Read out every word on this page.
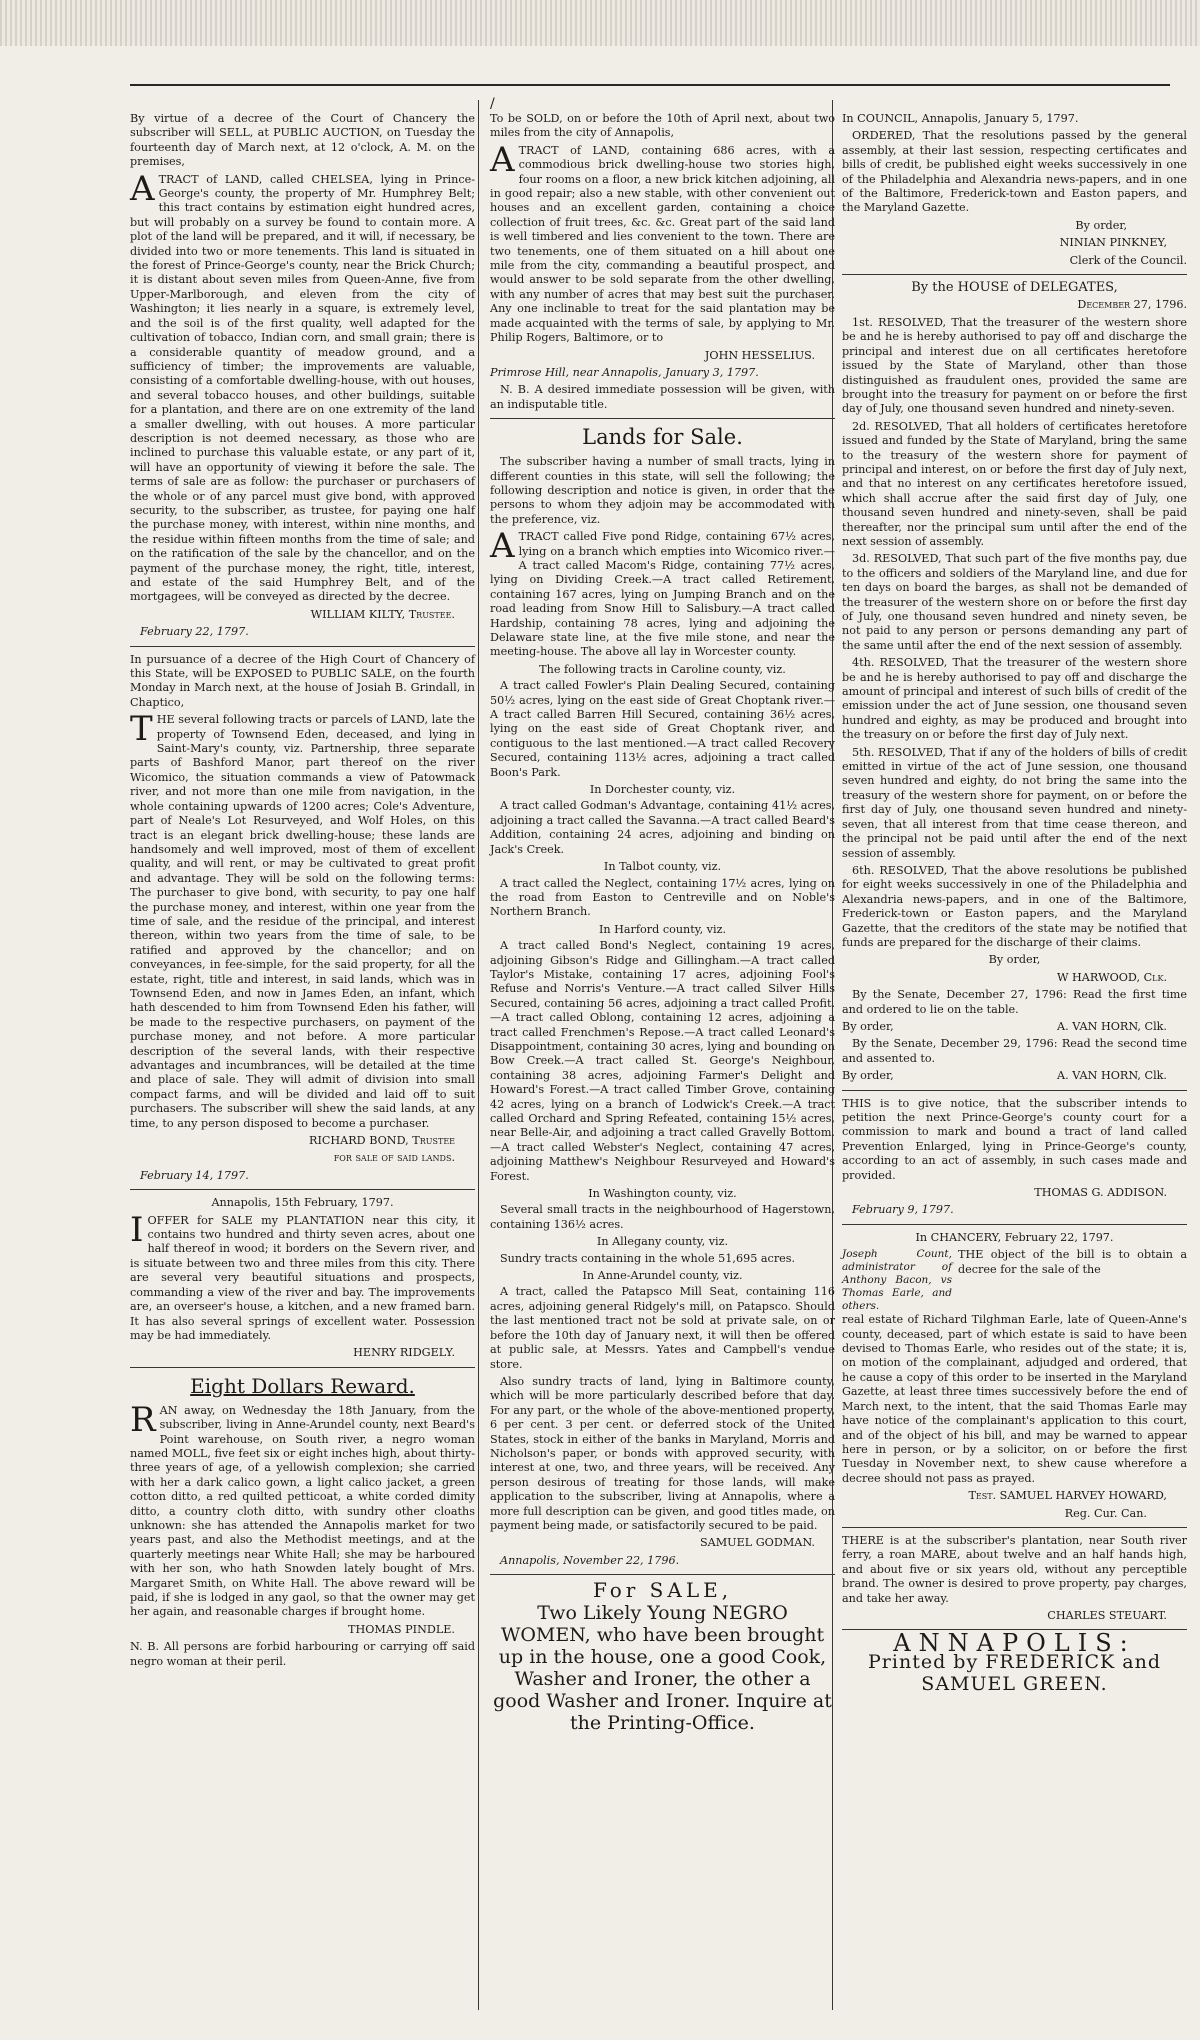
/

By virtue of a decree of the Court of Chancery the subscriber will SELL, at PUBLIC AUCTION, on Tuesday the fourteenth day of March next, at 12 o'clock, A. M. on the premises,

ATRACT of LAND, called CHELSEA, lying in Prince-George's county, the property of Mr. Humphrey Belt; this tract contains by estimation eight hundred acres, but will probably on a survey be found to contain more. A plot of the land will be prepared, and it will, if necessary, be divided into two or more tenements. This land is situated in the forest of Prince-George's county, near the Brick Church; it is distant about seven miles from Queen-Anne, five from Upper-Marlborough, and eleven from the city of Washington; it lies nearly in a square, is extremely level, and the soil is of the first quality, well adapted for the cultivation of tobacco, Indian corn, and small grain; there is a considerable quantity of meadow ground, and a sufficiency of timber; the improvements are valuable, consisting of a comfortable dwelling-house, with out houses, and several tobacco houses, and other buildings, suitable for a plantation, and there are on one extremity of the land a smaller dwelling, with out houses. A more particular description is not deemed necessary, as those who are inclined to purchase this valuable estate, or any part of it, will have an opportunity of viewing it before the sale. The terms of sale are as follow: the purchaser or purchasers of the whole or of any parcel must give bond, with approved security, to the subscriber, as trustee, for paying one half the purchase money, with interest, within nine months, and the residue within fifteen months from the time of sale; and on the ratification of the sale by the chancellor, and on the payment of the purchase money, the right, title, interest, and estate of the said Humphrey Belt, and of the mortgagees, will be conveyed as directed by the decree.

WILLIAM KILTY, Trustee.

February 22, 1797.

In pursuance of a decree of the High Court of Chancery of this State, will be EXPOSED to PUBLIC SALE, on the fourth Monday in March next, at the house of Josiah B. Grindall, in Chaptico,

THE several following tracts or parcels of LAND, late the property of Townsend Eden, deceased, and lying in Saint-Mary's county, viz. Partnership, three separate parts of Bashford Manor, part thereof on the river Wicomico, the situation commands a view of Patowmack river, and not more than one mile from navigation, in the whole containing upwards of 1200 acres; Cole's Adventure, part of Neale's Lot Resurveyed, and Wolf Holes, on this tract is an elegant brick dwelling-house; these lands are handsomely and well improved, most of them of excellent quality, and will rent, or may be cultivated to great profit and advantage. They will be sold on the following terms: The purchaser to give bond, with security, to pay one half the purchase money, and interest, within one year from the time of sale, and the residue of the principal, and interest thereon, within two years from the time of sale, to be ratified and approved by the chancellor; and on conveyances, in fee-simple, for the said property, for all the estate, right, title and interest, in said lands, which was in Townsend Eden, and now in James Eden, an infant, which hath descended to him from Townsend Eden his father, will be made to the respective purchasers, on payment of the purchase money, and not before. A more particular description of the several lands, with their respective advantages and incumbrances, will be detailed at the time and place of sale. They will admit of division into small compact farms, and will be divided and laid off to suit purchasers. The subscriber will shew the said lands, at any time, to any person disposed to become a purchaser.

RICHARD BOND, Trustee

for sale of said lands.

February 14, 1797.

Annapolis, 15th February, 1797.

IOFFER for SALE my PLANTATION near this city, it contains two hundred and thirty seven acres, about one half thereof in wood; it borders on the Severn river, and is situate between two and three miles from this city. There are several very beautiful situations and prospects, commanding a view of the river and bay. The improvements are, an overseer's house, a kitchen, and a new framed barn. It has also several springs of excellent water. Possession may be had immediately.

HENRY RIDGELY.

Eight Dollars Reward.

RAN away, on Wednesday the 18th January, from the subscriber, living in Anne-Arundel county, next Beard's Point warehouse, on South river, a negro woman named MOLL, five feet six or eight inches high, about thirty-three years of age, of a yellowish complexion; she carried with her a dark calico gown, a light calico jacket, a green cotton ditto, a red quilted petticoat, a white corded dimity ditto, a country cloth ditto, with sundry other cloaths unknown: she has attended the Annapolis market for two years past, and also the Methodist meetings, and at the quarterly meetings near White Hall; she may be harboured with her son, who hath Snowden lately bought of Mrs. Margaret Smith, on White Hall. The above reward will be paid, if she is lodged in any gaol, so that the owner may get her again, and reasonable charges if brought home.

THOMAS PINDLE.

N. B. All persons are forbid harbouring or carrying off said negro woman at their peril.

To be SOLD, on or before the 10th of April next, about two miles from the city of Annapolis,

ATRACT of LAND, containing 686 acres, with a commodious brick dwelling-house two stories high, four rooms on a floor, a new brick kitchen adjoining, all in good repair; also a new stable, with other convenient out houses and an excellent garden, containing a choice collection of fruit trees, &c. &c. Great part of the said land is well timbered and lies convenient to the town. There are two tenements, one of them situated on a hill about one mile from the city, commanding a beautiful prospect, and would answer to be sold separate from the other dwelling, with any number of acres that may best suit the purchaser. Any one inclinable to treat for the said plantation may be made acquainted with the terms of sale, by applying to Mr. Philip Rogers, Baltimore, or to

JOHN HESSELIUS.

Primrose Hill, near Annapolis, January 3, 1797.

N. B. A desired immediate possession will be given, with an indisputable title.

Lands for Sale.

The subscriber having a number of small tracts, lying in different counties in this state, will sell the following; the following description and notice is given, in order that the persons to whom they adjoin may be accommodated with the preference, viz.

ATRACT called Five pond Ridge, containing 67½ acres, lying on a branch which empties into Wicomico river.—A tract called Macom's Ridge, containing 77½ acres, lying on Dividing Creek.—A tract called Retirement, containing 167 acres, lying on Jumping Branch and on the road leading from Snow Hill to Salisbury.—A tract called Hardship, containing 78 acres, lying and adjoining the Delaware state line, at the five mile stone, and near the meeting-house. The above all lay in Worcester county.

The following tracts in Caroline county, viz.

A tract called Fowler's Plain Dealing Secured, containing 50½ acres, lying on the east side of Great Choptank river.—A tract called Barren Hill Secured, containing 36½ acres, lying on the east side of Great Choptank river, and contiguous to the last mentioned.—A tract called Recovery Secured, containing 113½ acres, adjoining a tract called Boon's Park.

In Dorchester county, viz.

A tract called Godman's Advantage, containing 41½ acres, adjoining a tract called the Savanna.—A tract called Beard's Addition, containing 24 acres, adjoining and binding on Jack's Creek.

In Talbot county, viz.

A tract called the Neglect, containing 17½ acres, lying on the road from Easton to Centreville and on Noble's Northern Branch.

In Harford county, viz.

A tract called Bond's Neglect, containing 19 acres, adjoining Gibson's Ridge and Gillingham.—A tract called Taylor's Mistake, containing 17 acres, adjoining Fool's Refuse and Norris's Venture.—A tract called Silver Hills Secured, containing 56 acres, adjoining a tract called Profit.—A tract called Oblong, containing 12 acres, adjoining a tract called Frenchmen's Repose.—A tract called Leonard's Disappointment, containing 30 acres, lying and bounding on Bow Creek.—A tract called St. George's Neighbour, containing 38 acres, adjoining Farmer's Delight and Howard's Forest.—A tract called Timber Grove, containing 42 acres, lying on a branch of Lodwick's Creek.—A tract called Orchard and Spring Refeated, containing 15½ acres, near Belle-Air, and adjoining a tract called Gravelly Bottom.—A tract called Webster's Neglect, containing 47 acres, adjoining Matthew's Neighbour Resurveyed and Howard's Forest.

In Washington county, viz.

Several small tracts in the neighbourhood of Hagerstown, containing 136½ acres.

In Allegany county, viz.

Sundry tracts containing in the whole 51,695 acres.

In Anne-Arundel county, viz.

A tract, called the Patapsco Mill Seat, containing 116 acres, adjoining general Ridgely's mill, on Patapsco. Should the last mentioned tract not be sold at private sale, on or before the 10th day of January next, it will then be offered at public sale, at Messrs. Yates and Campbell's vendue store.

Also sundry tracts of land, lying in Baltimore county, which will be more particularly described before that day. For any part, or the whole of the above-mentioned property, 6 per cent. 3 per cent. or deferred stock of the United States, stock in either of the banks in Maryland, Morris and Nicholson's paper, or bonds with approved security, with interest at one, two, and three years, will be received. Any person desirous of treating for those lands, will make application to the subscriber, living at Annapolis, where a more full description can be given, and good titles made, on payment being made, or satisfactorily secured to be paid.

SAMUEL GODMAN.

Annapolis, November 22, 1796.

For SALE,
Two Likely Young NEGRO WOMEN, who have been brought up in the house, one a good Cook, Washer and Ironer, the other a good Washer and Ironer. Inquire at the Printing-Office.

In COUNCIL, Annapolis, January 5, 1797.

ORDERED, That the resolutions passed by the general assembly, at their last session, respecting certificates and bills of credit, be published eight weeks successively in one of the Philadelphia and Alexandria news-papers, and in one of the Baltimore, Frederick-town and Easton papers, and the Maryland Gazette.

By order,

NINIAN PINKNEY,

Clerk of the Council.

By the HOUSE of DELEGATES,

December 27, 1796.

1st. RESOLVED, That the treasurer of the western shore be and he is hereby authorised to pay off and discharge the principal and interest due on all certificates heretofore issued by the State of Maryland, other than those distinguished as fraudulent ones, provided the same are brought into the treasury for payment on or before the first day of July, one thousand seven hundred and ninety-seven.

2d. RESOLVED, That all holders of certificates heretofore issued and funded by the State of Maryland, bring the same to the treasury of the western shore for payment of principal and interest, on or before the first day of July next, and that no interest on any certificates heretofore issued, which shall accrue after the said first day of July, one thousand seven hundred and ninety-seven, shall be paid thereafter, nor the principal sum until after the end of the next session of assembly.

3d. RESOLVED, That such part of the five months pay, due to the officers and soldiers of the Maryland line, and due for ten days on board the barges, as shall not be demanded of the treasurer of the western shore on or before the first day of July, one thousand seven hundred and ninety seven, be not paid to any person or persons demanding any part of the same until after the end of the next session of assembly.

4th. RESOLVED, That the treasurer of the western shore be and he is hereby authorised to pay off and discharge the amount of principal and interest of such bills of credit of the emission under the act of June session, one thousand seven hundred and eighty, as may be produced and brought into the treasury on or before the first day of July next.

5th. RESOLVED, That if any of the holders of bills of credit emitted in virtue of the act of June session, one thousand seven hundred and eighty, do not bring the same into the treasury of the western shore for payment, on or before the first day of July, one thousand seven hundred and ninety-seven, that all interest from that time cease thereon, and the principal not be paid until after the end of the next session of assembly.

6th. RESOLVED, That the above resolutions be published for eight weeks successively in one of the Philadelphia and Alexandria news-papers, and in one of the Baltimore, Frederick-town or Easton papers, and the Maryland Gazette, that the creditors of the state may be notified that funds are prepared for the discharge of their claims.

By order,

W HARWOOD, Clk.

By the Senate, December 27, 1796: Read the first time and ordered to lie on the table.

By order,	A. VAN HORN, Clk.

By the Senate, December 29, 1796: Read the second time and assented to.

By order,	A. VAN HORN, Clk.

THIS is to give notice, that the subscriber intends to petition the next Prince-George's county court for a commission to mark and bound a tract of land called Prevention Enlarged, lying in Prince-George's county, according to an act of assembly, in such cases made and provided.

THOMAS G. ADDISON.

February 9, 1797.

In CHANCERY, February 22, 1797.

Joseph Count, administrator of Anthony Bacon, vs Thomas Earle, and others.
THE object of the bill is to obtain a decree for the sale of the

real estate of Richard Tilghman Earle, late of Queen-Anne's county, deceased, part of which estate is said to have been devised to Thomas Earle, who resides out of the state; it is, on motion of the complainant, adjudged and ordered, that he cause a copy of this order to be inserted in the Maryland Gazette, at least three times successively before the end of March next, to the intent, that the said Thomas Earle may have notice of the complainant's application to this court, and of the object of his bill, and may be warned to appear here in person, or by a solicitor, on or before the first Tuesday in November next, to shew cause wherefore a decree should not pass as prayed.

Test. SAMUEL HARVEY HOWARD,

Reg. Cur. Can.

THERE is at the subscriber's plantation, near South river ferry, a roan MARE, about twelve and an half hands high, and about five or six years old, without any perceptible brand. The owner is desired to prove property, pay charges, and take her away.

CHARLES STEUART.

ANNAPOLIS:
Printed by FREDERICK and SAMUEL GREEN.
